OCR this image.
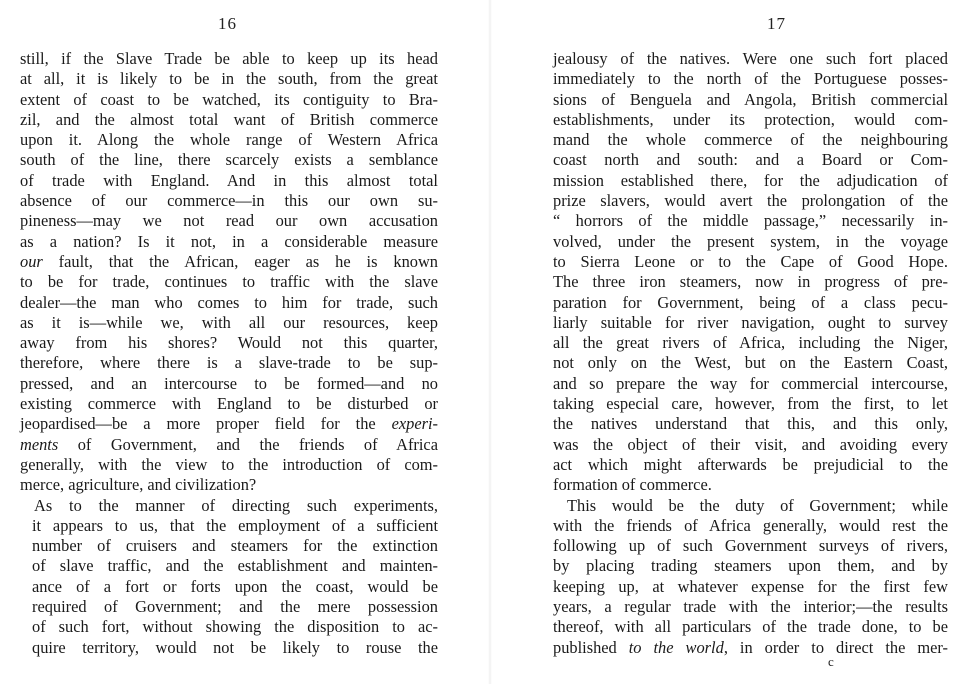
16
still, if the Slave Trade be able to keep up its head
at all, it is likely to be in the south, from the great
extent of coast to be watched, its contiguity to Bra-
zil, and the almost total want of British commerce
upon it. Along the whole range of Western Africa
south of the line, there scarcely exists a semblance
of trade with England. And in this almost total
absence of our commerce—in this our own su-
pineness—may we not read our own accusation
as a nation? Is it not, in a considerable measure
our fault, that the African, eager as he is known
to be for trade, continues to traffic with the slave
dealer—the man who comes to him for trade, such
as it is—while we, with all our resources, keep
away from his shores? Would not this quarter,
therefore, where there is a slave-trade to be sup-
pressed, and an intercourse to be formed—and no
existing commerce with England to be disturbed or
jeopardised—be a more proper field for the experi-
ments of Government, and the friends of Africa
generally, with the view to the introduction of com-
merce, agriculture, and civilization?
As to the manner of directing such experiments,
it appears to us, that the employment of a sufficient
number of cruisers and steamers for the extinction
of slave traffic, and the establishment and mainten-
ance of a fort or forts upon the coast, would be
required of Government; and the mere possession
of such fort, without showing the disposition to ac-
quire territory, would not be likely to rouse the
17
jealousy of the natives. Were one such fort placed
immediately to the north of the Portuguese posses-
sions of Benguela and Angola, British commercial
establishments, under its protection, would com-
mand the whole commerce of the neighbouring
coast north and south: and a Board or Com-
mission established there, for the adjudication of
prize slavers, would avert the prolongation of the
“ horrors of the middle passage,” necessarily in-
volved, under the present system, in the voyage
to Sierra Leone or to the Cape of Good Hope.
The three iron steamers, now in progress of pre-
paration for Government, being of a class pecu-
liarly suitable for river navigation, ought to survey
all the great rivers of Africa, including the Niger,
not only on the West, but on the Eastern Coast,
and so prepare the way for commercial intercourse,
taking especial care, however, from the first, to let
the natives understand that this, and this only,
was the object of their visit, and avoiding every
act which might afterwards be prejudicial to the
formation of commerce.
This would be the duty of Government; while
with the friends of Africa generally, would rest the
following up of such Government surveys of rivers,
by placing trading steamers upon them, and by
keeping up, at whatever expense for the first few
years, a regular trade with the interior;—the results
thereof, with all particulars of the trade done, to be
published to the world, in order to direct the mer-
c
